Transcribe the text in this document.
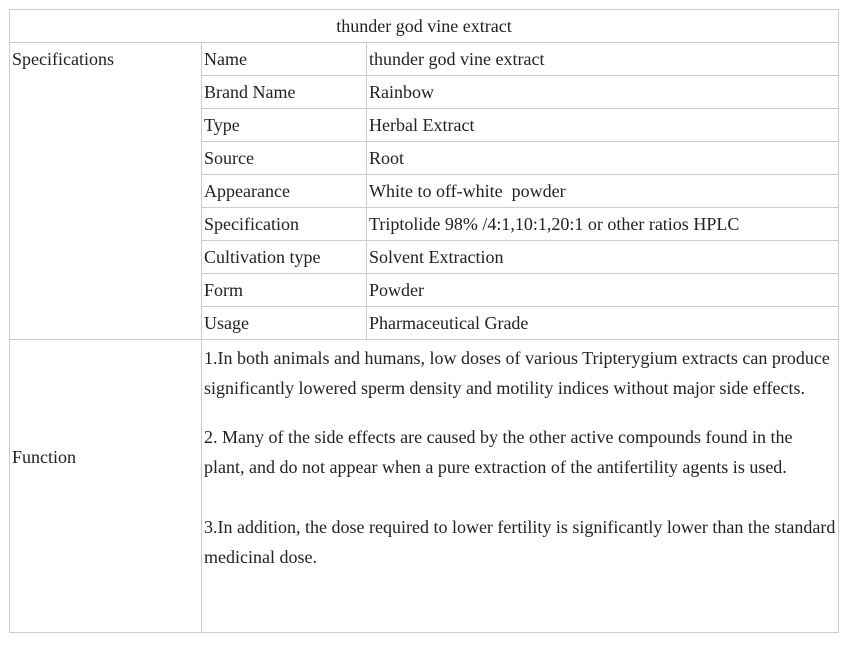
thunder god vine extract		
Specifications	Name	thunder god vine extract
	Brand Name	Rainbow
	Type	Herbal Extract
	Source	Root
	Appearance	White to off-white  powder
	Specification	Triptolide 98% /4:1,10:1,20:1 or other ratios HPLC
	Cultivation type	Solvent Extraction
	Form	Powder
	Usage	Pharmaceutical Grade
Function	1.In both animals and humans, low doses of various Tripterygium extracts can produce significantly lowered sperm density and motility indices without major side effects.

2. Many of the side effects are caused by the other active compounds found in the plant, and do not appear when a pure extraction of the antifertility agents is used.

3.In addition, the dose required to lower fertility is significantly lower than the standard medicinal dose.	
